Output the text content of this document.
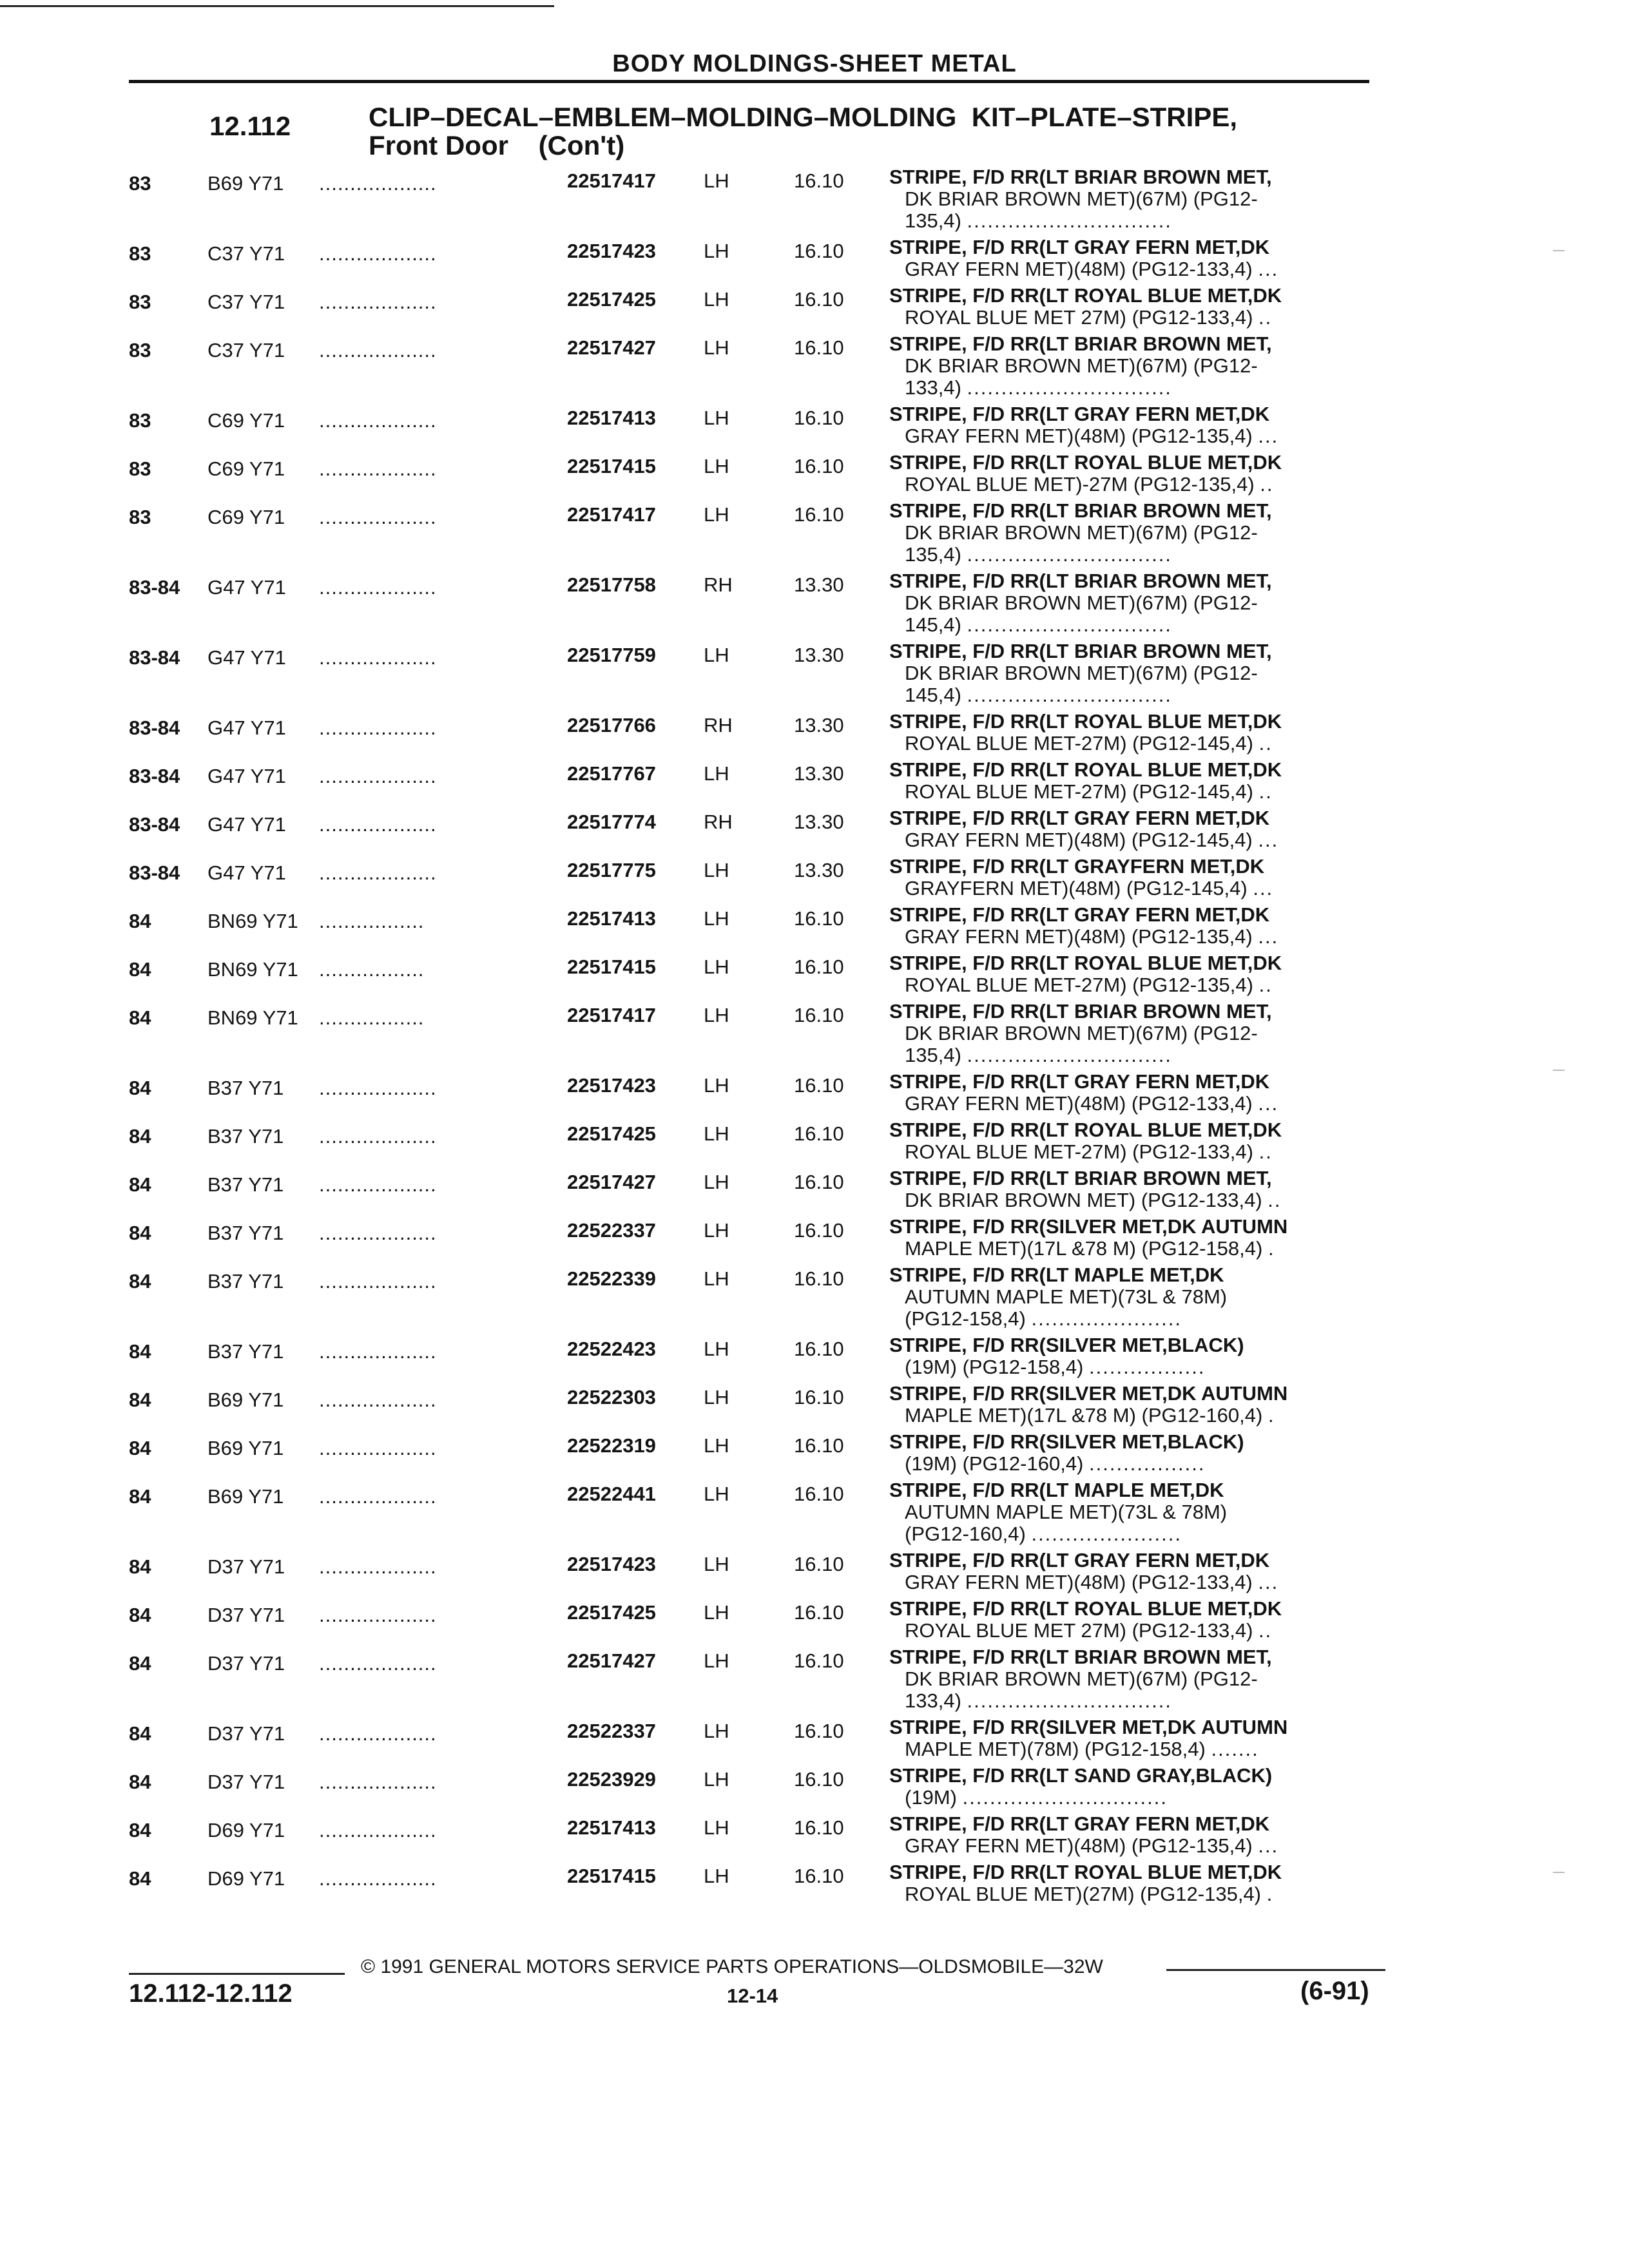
BODY MOLDINGS-SHEET METAL
12.112	CLIP–DECAL–EMBLEM–MOLDING–MOLDING  KIT–PLATE–STRIPE,
Front Door    (Con't)
83	B69 Y71 ...................	22517417 LH	16.10 STRIPE, F/D RR(LT BRIAR BROWN MET,
DK BRIAR BROWN MET)(67M) (PG12-
135,4) ..............................
83	C37 Y71 ...................	22517423 LH	16.10 STRIPE, F/D RR(LT GRAY FERN MET,DK
GRAY FERN MET)(48M) (PG12-133,4) ...
83	C37 Y71 ...................	22517425 LH	16.10 STRIPE, F/D RR(LT ROYAL BLUE MET,DK
ROYAL BLUE MET 27M) (PG12-133,4) ..
83	C37 Y71 ...................	22517427 LH	16.10 STRIPE, F/D RR(LT BRIAR BROWN MET,
DK BRIAR BROWN MET)(67M) (PG12-
133,4) ..............................
83	C69 Y71 ...................	22517413 LH	16.10 STRIPE, F/D RR(LT GRAY FERN MET,DK
GRAY FERN MET)(48M) (PG12-135,4) ...
83	C69 Y71 ...................	22517415 LH	16.10 STRIPE, F/D RR(LT ROYAL BLUE MET,DK
ROYAL BLUE MET)-27M (PG12-135,4) ..
83	C69 Y71 ...................	22517417 LH	16.10 STRIPE, F/D RR(LT BRIAR BROWN MET,
DK BRIAR BROWN MET)(67M) (PG12-
135,4) ..............................
83-84 G47 Y71 ...................	22517758 RH	13.30 STRIPE, F/D RR(LT BRIAR BROWN MET,
DK BRIAR BROWN MET)(67M) (PG12-
145,4) ..............................
83-84 G47 Y71 ...................	22517759 LH	13.30 STRIPE, F/D RR(LT BRIAR BROWN MET,
DK BRIAR BROWN MET)(67M) (PG12-
145,4) ..............................
83-84 G47 Y71 ...................	22517766 RH	13.30 STRIPE, F/D RR(LT ROYAL BLUE MET,DK
ROYAL BLUE MET-27M) (PG12-145,4) ..
83-84 G47 Y71 ...................	22517767 LH	13.30 STRIPE, F/D RR(LT ROYAL BLUE MET,DK
ROYAL BLUE MET-27M) (PG12-145,4) ..
83-84 G47 Y71 ...................	22517774 RH	13.30 STRIPE, F/D RR(LT GRAY FERN MET,DK
GRAY FERN MET)(48M) (PG12-145,4) ...
83-84 G47 Y71 ...................	22517775 LH	13.30 STRIPE, F/D RR(LT GRAYFERN MET,DK
GRAYFERN MET)(48M) (PG12-145,4) ...
84	BN69 Y71 .................	22517413 LH	16.10 STRIPE, F/D RR(LT GRAY FERN MET,DK
GRAY FERN MET)(48M) (PG12-135,4) ...
84	BN69 Y71 .................	22517415 LH	16.10 STRIPE, F/D RR(LT ROYAL BLUE MET,DK
ROYAL BLUE MET-27M) (PG12-135,4) ..
84	BN69 Y71 .................	22517417 LH	16.10 STRIPE, F/D RR(LT BRIAR BROWN MET,
DK BRIAR BROWN MET)(67M) (PG12-
135,4) ..............................
84	B37 Y71 ...................	22517423 LH	16.10 STRIPE, F/D RR(LT GRAY FERN MET,DK
GRAY FERN MET)(48M) (PG12-133,4) ...
84	B37 Y71 ...................	22517425 LH	16.10 STRIPE, F/D RR(LT ROYAL BLUE MET,DK
ROYAL BLUE MET-27M) (PG12-133,4) ..
84	B37 Y71 ...................	22517427 LH	16.10 STRIPE, F/D RR(LT BRIAR BROWN MET,
DK BRIAR BROWN MET) (PG12-133,4) ..
84	B37 Y71 ...................	22522337 LH	16.10 STRIPE, F/D RR(SILVER MET,DK AUTUMN
MAPLE MET)(17L &78 M) (PG12-158,4) .
84	B37 Y71 ...................	22522339 LH	16.10 STRIPE, F/D RR(LT MAPLE MET,DK
AUTUMN MAPLE MET)(73L & 78M)
(PG12-158,4) ......................
84	B37 Y71 ...................	22522423 LH	16.10 STRIPE, F/D RR(SILVER MET,BLACK)
(19M) (PG12-158,4) .................
84	B69 Y71 ...................	22522303 LH	16.10 STRIPE, F/D RR(SILVER MET,DK AUTUMN
MAPLE MET)(17L &78 M) (PG12-160,4) .
84	B69 Y71 ...................	22522319 LH	16.10 STRIPE, F/D RR(SILVER MET,BLACK)
(19M) (PG12-160,4) .................
84	B69 Y71 ...................	22522441 LH	16.10 STRIPE, F/D RR(LT MAPLE MET,DK
AUTUMN MAPLE MET)(73L & 78M)
(PG12-160,4) ......................
84	D37 Y71 ...................	22517423 LH	16.10 STRIPE, F/D RR(LT GRAY FERN MET,DK
GRAY FERN MET)(48M) (PG12-133,4) ...
84	D37 Y71 ...................	22517425 LH	16.10 STRIPE, F/D RR(LT ROYAL BLUE MET,DK
ROYAL BLUE MET 27M) (PG12-133,4) ..
84	D37 Y71 ...................	22517427 LH	16.10 STRIPE, F/D RR(LT BRIAR BROWN MET,
DK BRIAR BROWN MET)(67M) (PG12-
133,4) ..............................
84	D37 Y71 ...................	22522337 LH	16.10 STRIPE, F/D RR(SILVER MET,DK AUTUMN
MAPLE MET)(78M) (PG12-158,4) .......
84	D37 Y71 ...................	22523929 LH	16.10 STRIPE, F/D RR(LT SAND GRAY,BLACK)
(19M) ..............................
84	D69 Y71 ...................	22517413 LH	16.10 STRIPE, F/D RR(LT GRAY FERN MET,DK
GRAY FERN MET)(48M) (PG12-135,4) ...
84	D69 Y71 ...................	22517415 LH	16.10 STRIPE, F/D RR(LT ROYAL BLUE MET,DK
ROYAL BLUE MET)(27M) (PG12-135,4) .
© 1991 GENERAL MOTORS SERVICE PARTS OPERATIONS—OLDSMOBILE—32W
12.112-12.112	12-14	(6-91)
